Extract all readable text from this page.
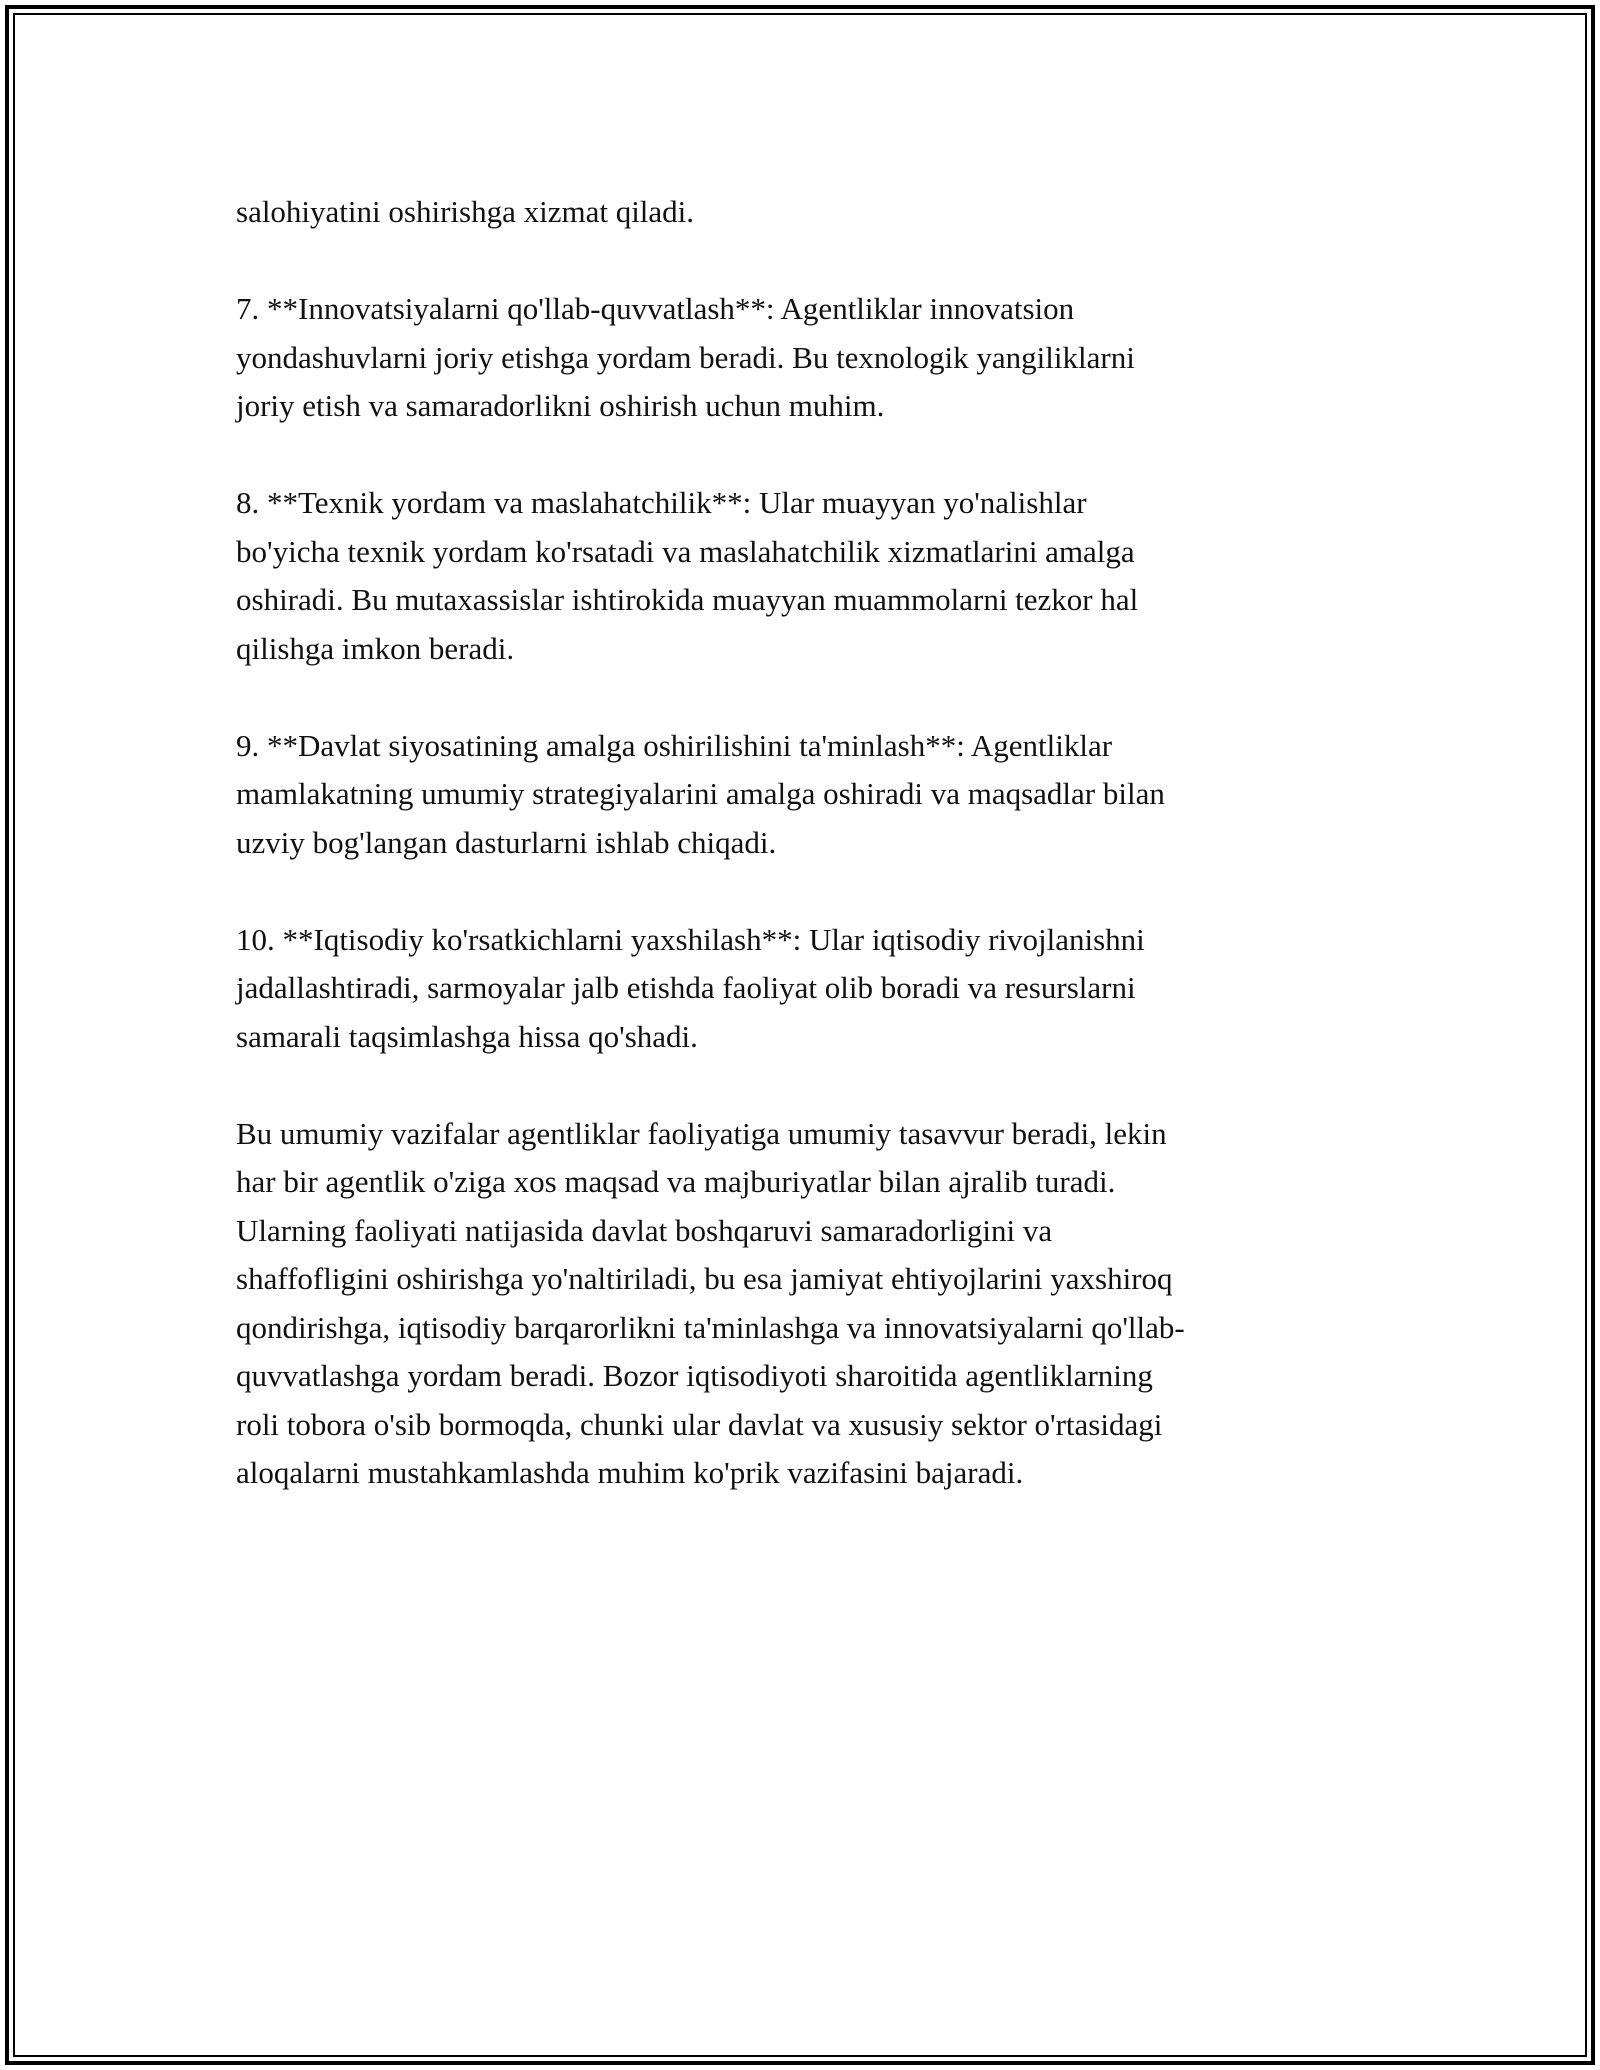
salohiyatini oshirishga xizmat qiladi.

7. **Innovatsiyalarni qo'llab-quvvatlash**: Agentliklar innovatsion
yondashuvlarni joriy etishga yordam beradi. Bu texnologik yangiliklarni
joriy etish va samaradorlikni oshirish uchun muhim.

8. **Texnik yordam va maslahatchilik**: Ular muayyan yo'nalishlar
bo'yicha texnik yordam ko'rsatadi va maslahatchilik xizmatlarini amalga
oshiradi. Bu mutaxassislar ishtirokida muayyan muammolarni tezkor hal
qilishga imkon beradi.

9. **Davlat siyosatining amalga oshirilishini ta'minlash**: Agentliklar
mamlakatning umumiy strategiyalarini amalga oshiradi va maqsadlar bilan
uzviy bog'langan dasturlarni ishlab chiqadi.

10. **Iqtisodiy ko'rsatkichlarni yaxshilash**: Ular iqtisodiy rivojlanishni
jadallashtiradi, sarmoyalar jalb etishda faoliyat olib boradi va resurslarni
samarali taqsimlashga hissa qo'shadi.

Bu umumiy vazifalar agentliklar faoliyatiga umumiy tasavvur beradi, lekin
har bir agentlik o'ziga xos maqsad va majburiyatlar bilan ajralib turadi.
Ularning faoliyati natijasida davlat boshqaruvi samaradorligini va
shaffofligini oshirishga yo'naltiriladi, bu esa jamiyat ehtiyojlarini yaxshiroq
qondirishga, iqtisodiy barqarorlikni ta'minlashga va innovatsiyalarni qo'llab-
quvvatlashga yordam beradi. Bozor iqtisodiyoti sharoitida agentliklarning
roli tobora o'sib bormoqda, chunki ular davlat va xususiy sektor o'rtasidagi
aloqalarni mustahkamlashda muhim ko'prik vazifasini bajaradi.
